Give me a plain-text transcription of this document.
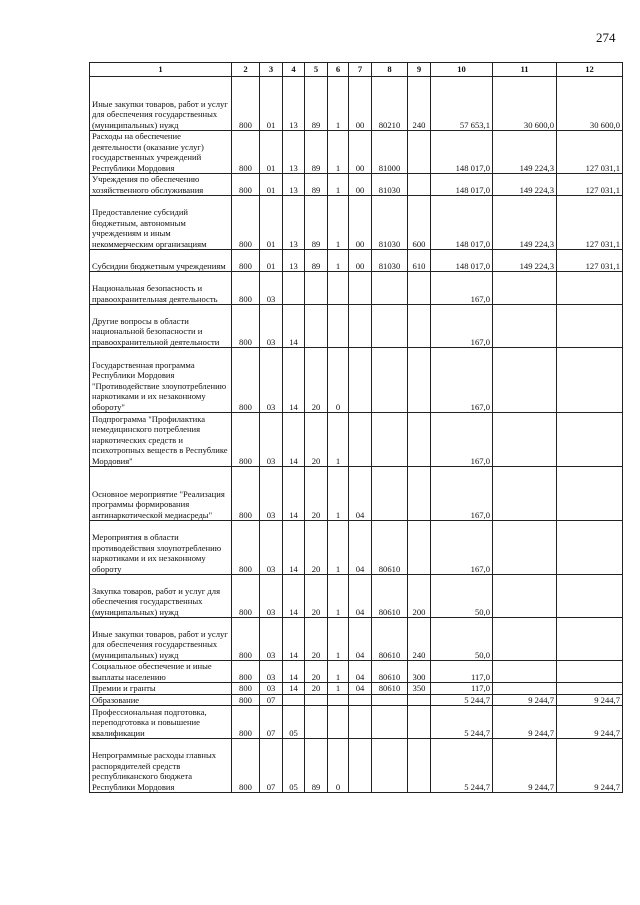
274
1	2	3	4	5	6	7	8	9	10	11	12
Иные закупки товаров, работ и услуг для обеспечения государственных (муниципальных) нужд	800	01	13	89	1	00	80210	240	57 653,1	30 600,0	30 600,0
Расходы на обеспечение деятельности (оказание услуг) государственных учреждений Республики Мордовия	800	01	13	89	1	00	81000		148 017,0	149 224,3	127 031,1
Учреждения по обеспечению хозяйственного обслуживания	800	01	13	89	1	00	81030		148 017,0	149 224,3	127 031,1
Предоставление субсидий бюджетным, автономным учреждениям и иным некоммерческим организациям	800	01	13	89	1	00	81030	600	148 017,0	149 224,3	127 031,1
Субсидии бюджетным учреждениям	800	01	13	89	1	00	81030	610	148 017,0	149 224,3	127 031,1
Национальная безопасность и правоохранительная деятельность	800	03							167,0		
Другие вопросы в области национальной безопасности и правоохранительной деятельности	800	03	14						167,0		
Государственная программа Республики Мордовия "Противодействие злоупотреблению наркотиками и их незаконному обороту"	800	03	14	20	0				167,0		
Подпрограмма "Профилактика немедицинского потребления наркотических средств и психотропных веществ в Республике Мордовия"	800	03	14	20	1				167,0		
Основное мероприятие "Реализация программы формирования антинаркотической медиасреды"	800	03	14	20	1	04			167,0		
Мероприятия в области противодействия злоупотреблению наркотиками и их незаконному обороту	800	03	14	20	1	04	80610		167,0		
Закупка товаров, работ и услуг для обеспечения государственных (муниципальных) нужд	800	03	14	20	1	04	80610	200	50,0		
Иные закупки товаров, работ и услуг для обеспечения государственных (муниципальных) нужд	800	03	14	20	1	04	80610	240	50,0		
Социальное обеспечение и иные выплаты населению	800	03	14	20	1	04	80610	300	117,0		
Премии и гранты	800	03	14	20	1	04	80610	350	117,0		
Образование	800	07							5 244,7	9 244,7	9 244,7
Профессиональная подготовка, переподготовка и повышение квалификации	800	07	05						5 244,7	9 244,7	9 244,7
Непрограммные расходы главных распорядителей средств республиканского бюджета Республики Мордовия	800	07	05	89	0				5 244,7	9 244,7	9 244,7
